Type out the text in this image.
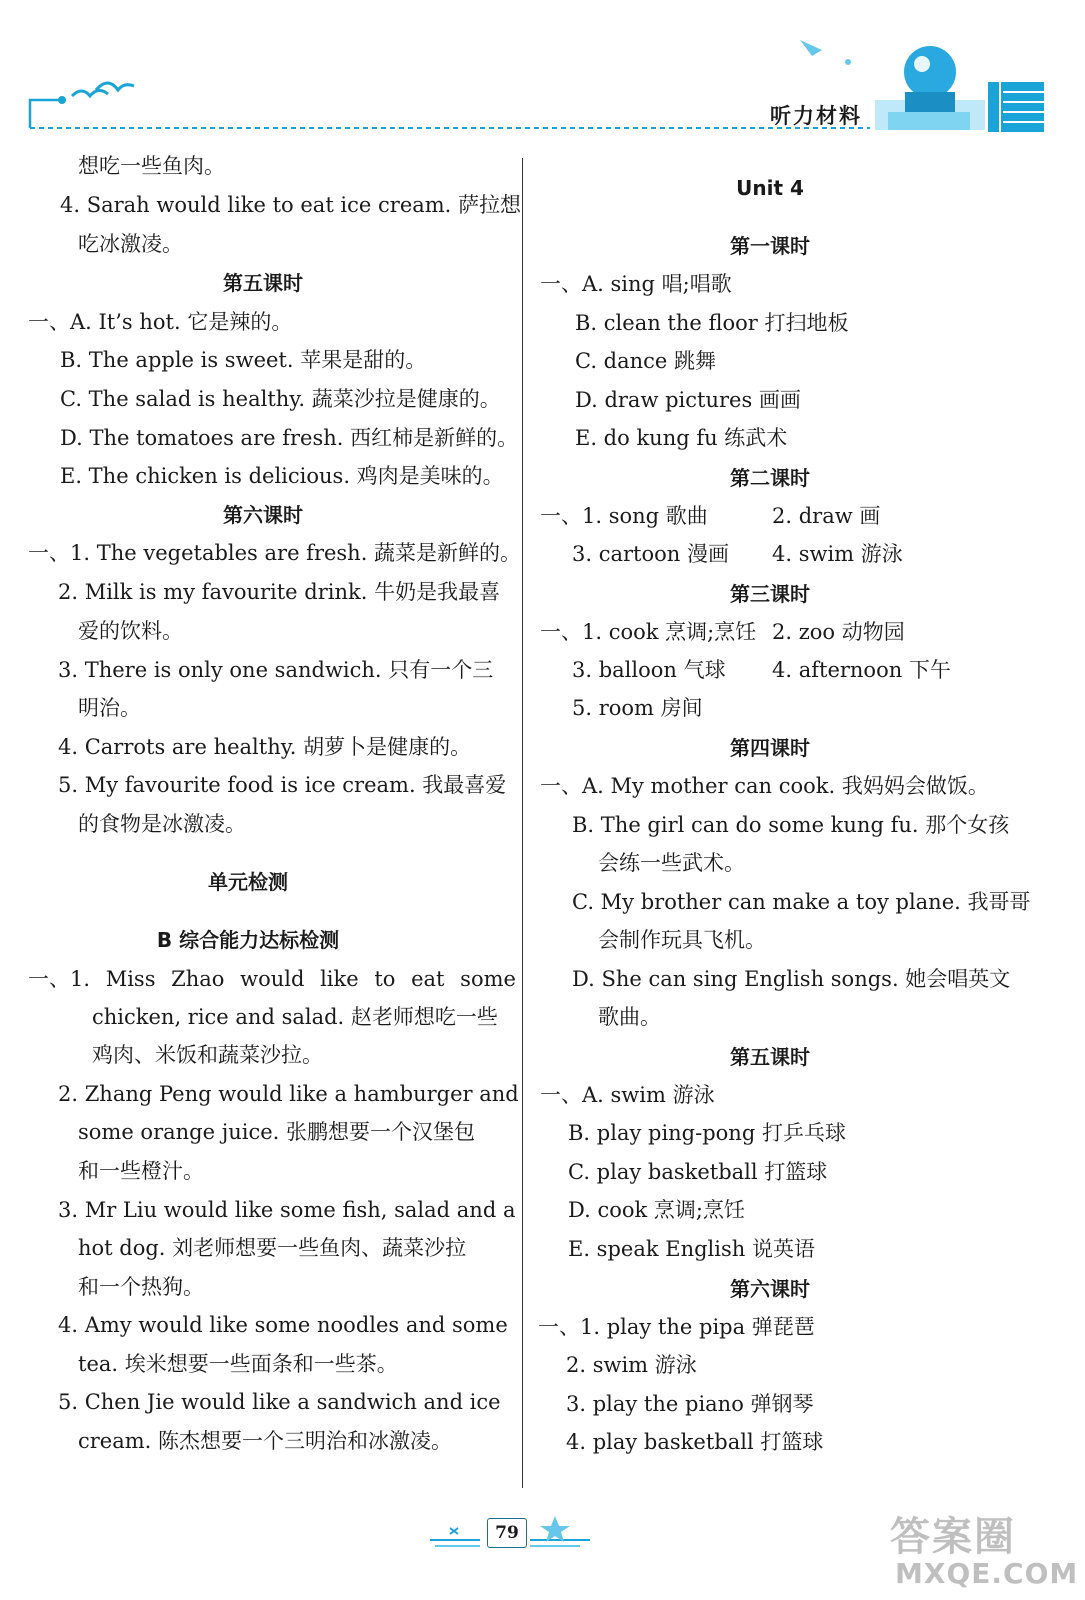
听力材料
想吃一些鱼肉。
4. Sarah would like to eat ice cream. 萨拉想
吃冰激凌。
第五课时
一、A. It’s hot. 它是辣的。
B. The apple is sweet. 苹果是甜的。
C. The salad is healthy. 蔬菜沙拉是健康的。
D. The tomatoes are fresh. 西红柿是新鲜的。
E. The chicken is delicious. 鸡肉是美味的。
第六课时
一、1. The vegetables are fresh. 蔬菜是新鲜的。
2. Milk is my favourite drink. 牛奶是我最喜
爱的饮料。
3. There is only one sandwich. 只有一个三
明治。
4. Carrots are healthy. 胡萝卜是健康的。
5. My favourite food is ice cream. 我最喜爱
的食物是冰激凌。
单元检测
B 综合能力达标检测
一、1. Miss Zhao would like to eat some
chicken, rice and salad. 赵老师想吃一些
鸡肉、米饭和蔬菜沙拉。
2. Zhang Peng would like a hamburger and
some orange juice. 张鹏想要一个汉堡包
和一些橙汁。
3. Mr Liu would like some fish, salad and a
hot dog. 刘老师想要一些鱼肉、蔬菜沙拉
和一个热狗。
4. Amy would like some noodles and some
tea. 埃米想要一些面条和一些茶。
5. Chen Jie would like a sandwich and ice
cream. 陈杰想要一个三明治和冰激凌。
Unit 4
第一课时
一、A. sing 唱;唱歌
B. clean the floor 打扫地板
C. dance 跳舞
D. draw pictures 画画
E. do kung fu 练武术
第二课时
一、1. song 歌曲	2. draw 画
3. cartoon 漫画 4. swim 游泳
第三课时
一、1. cook 烹调;烹饪 2. zoo 动物园
3. balloon 气球 4. afternoon 下午
5. room 房间
第四课时
一、A. My mother can cook. 我妈妈会做饭。
B. The girl can do some kung fu. 那个女孩
会练一些武术。
C. My brother can make a toy plane. 我哥哥
会制作玩具飞机。
D. She can sing English songs. 她会唱英文
歌曲。
第五课时
一、A. swim 游泳
B. play ping-pong 打乒乓球
C. play basketball 打篮球
D. cook 烹调;烹饪
E. speak English 说英语
第六课时
一、1. play the pipa 弹琵琶
2. swim 游泳
3. play the piano 弹钢琴
4. play basketball 打篮球
79	答案圈
MXQE.COM
